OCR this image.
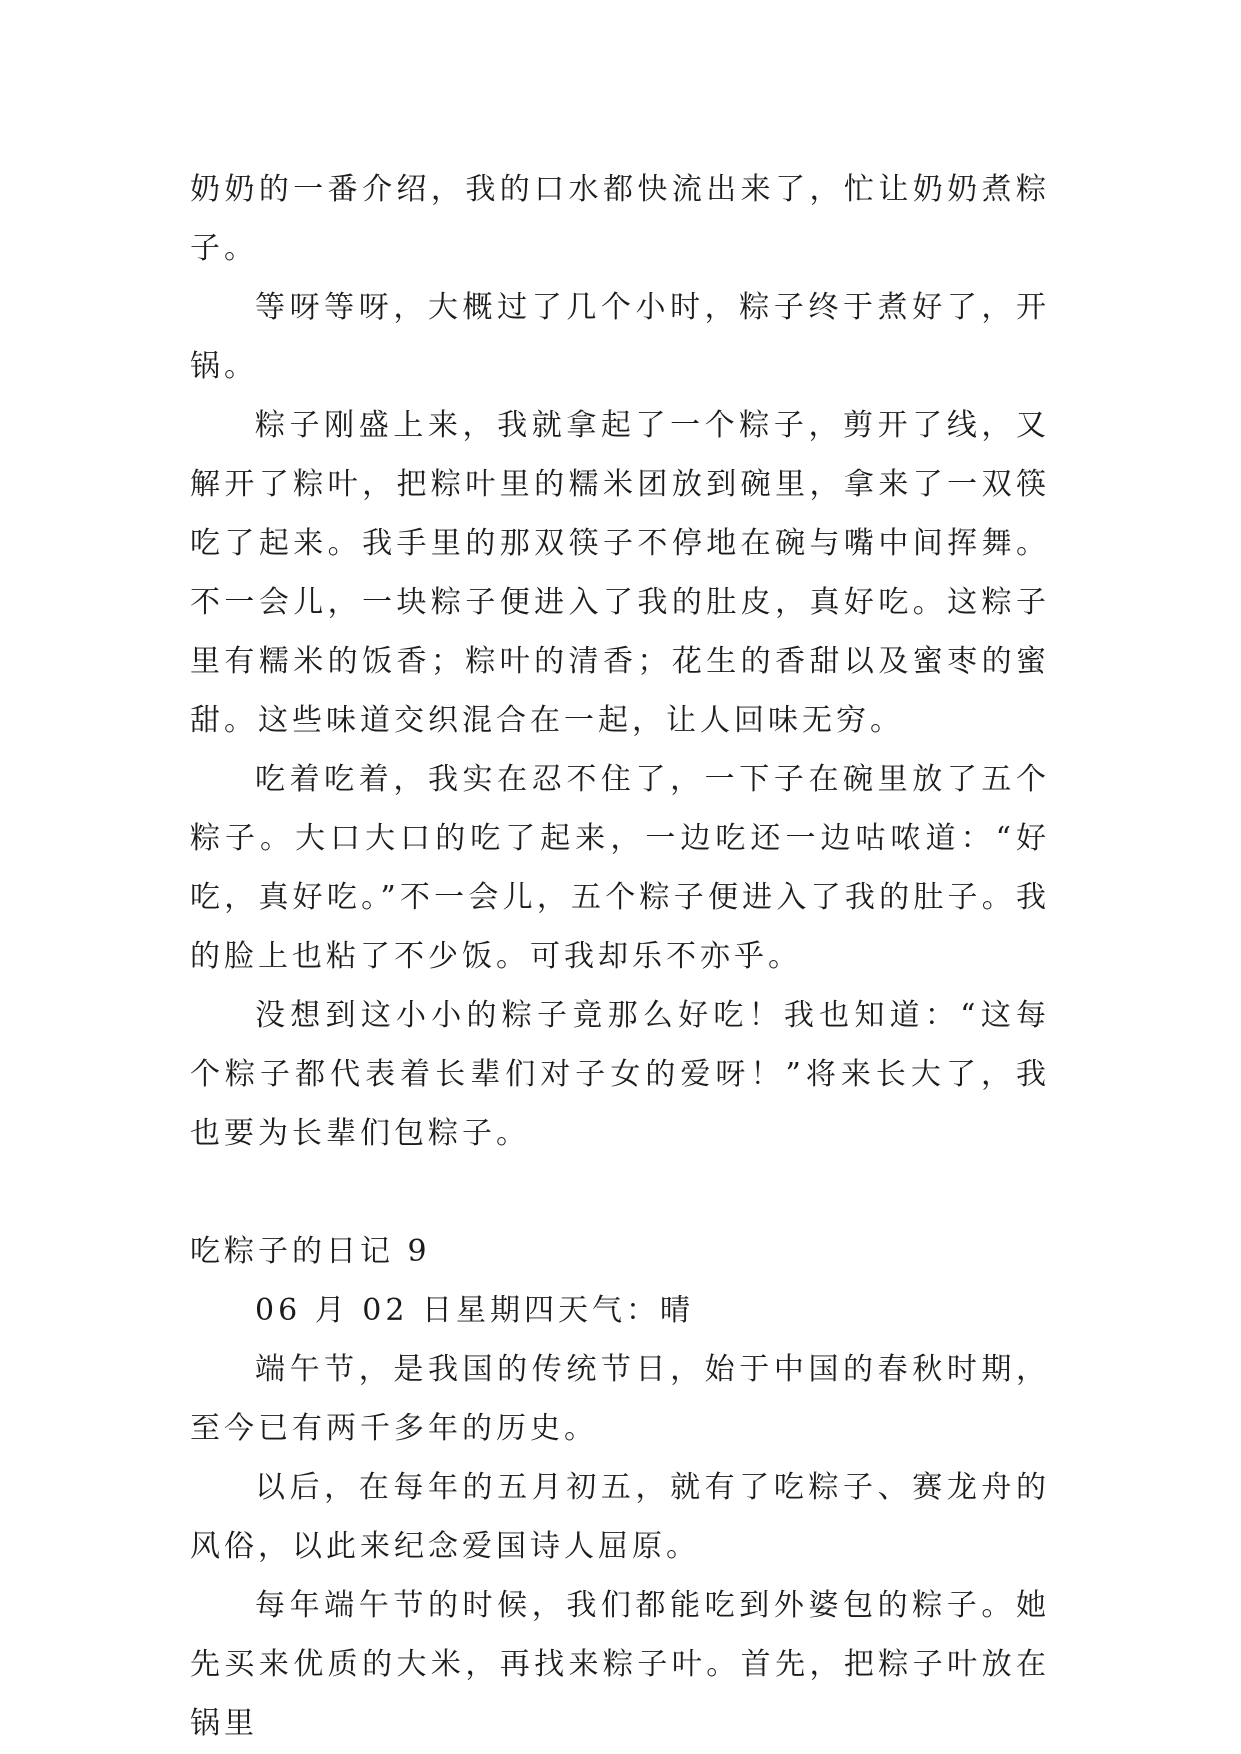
奶奶的一番介绍，我的口水都快流出来了，忙让奶奶煮粽子。

等呀等呀，大概过了几个小时，粽子终于煮好了，开锅。

粽子刚盛上来，我就拿起了一个粽子，剪开了线，又解开了粽叶，把粽叶里的糯米团放到碗里，拿来了一双筷吃了起来。我手里的那双筷子不停地在碗与嘴中间挥舞。不一会儿，一块粽子便进入了我的肚皮，真好吃。这粽子里有糯米的饭香；粽叶的清香；花生的香甜以及蜜枣的蜜甜。这些味道交织混合在一起，让人回味无穷。

吃着吃着，我实在忍不住了，一下子在碗里放了五个粽子。大口大口的吃了起来，一边吃还一边咕哝道：“好吃，真好吃。”不一会儿，五个粽子便进入了我的肚子。我的脸上也粘了不少饭。可我却乐不亦乎。

没想到这小小的粽子竟那么好吃！我也知道：“这每个粽子都代表着长辈们对子女的爱呀！”将来长大了，我也要为长辈们包粽子。

吃粽子的日记 9

06 月 02 日星期四天气：晴

端午节，是我国的传统节日，始于中国的春秋时期，至今已有两千多年的历史。

以后，在每年的五月初五，就有了吃粽子、赛龙舟的风俗，以此来纪念爱国诗人屈原。

每年端午节的时候，我们都能吃到外婆包的粽子。她先买来优质的大米，再找来粽子叶。首先，把粽子叶放在锅里
